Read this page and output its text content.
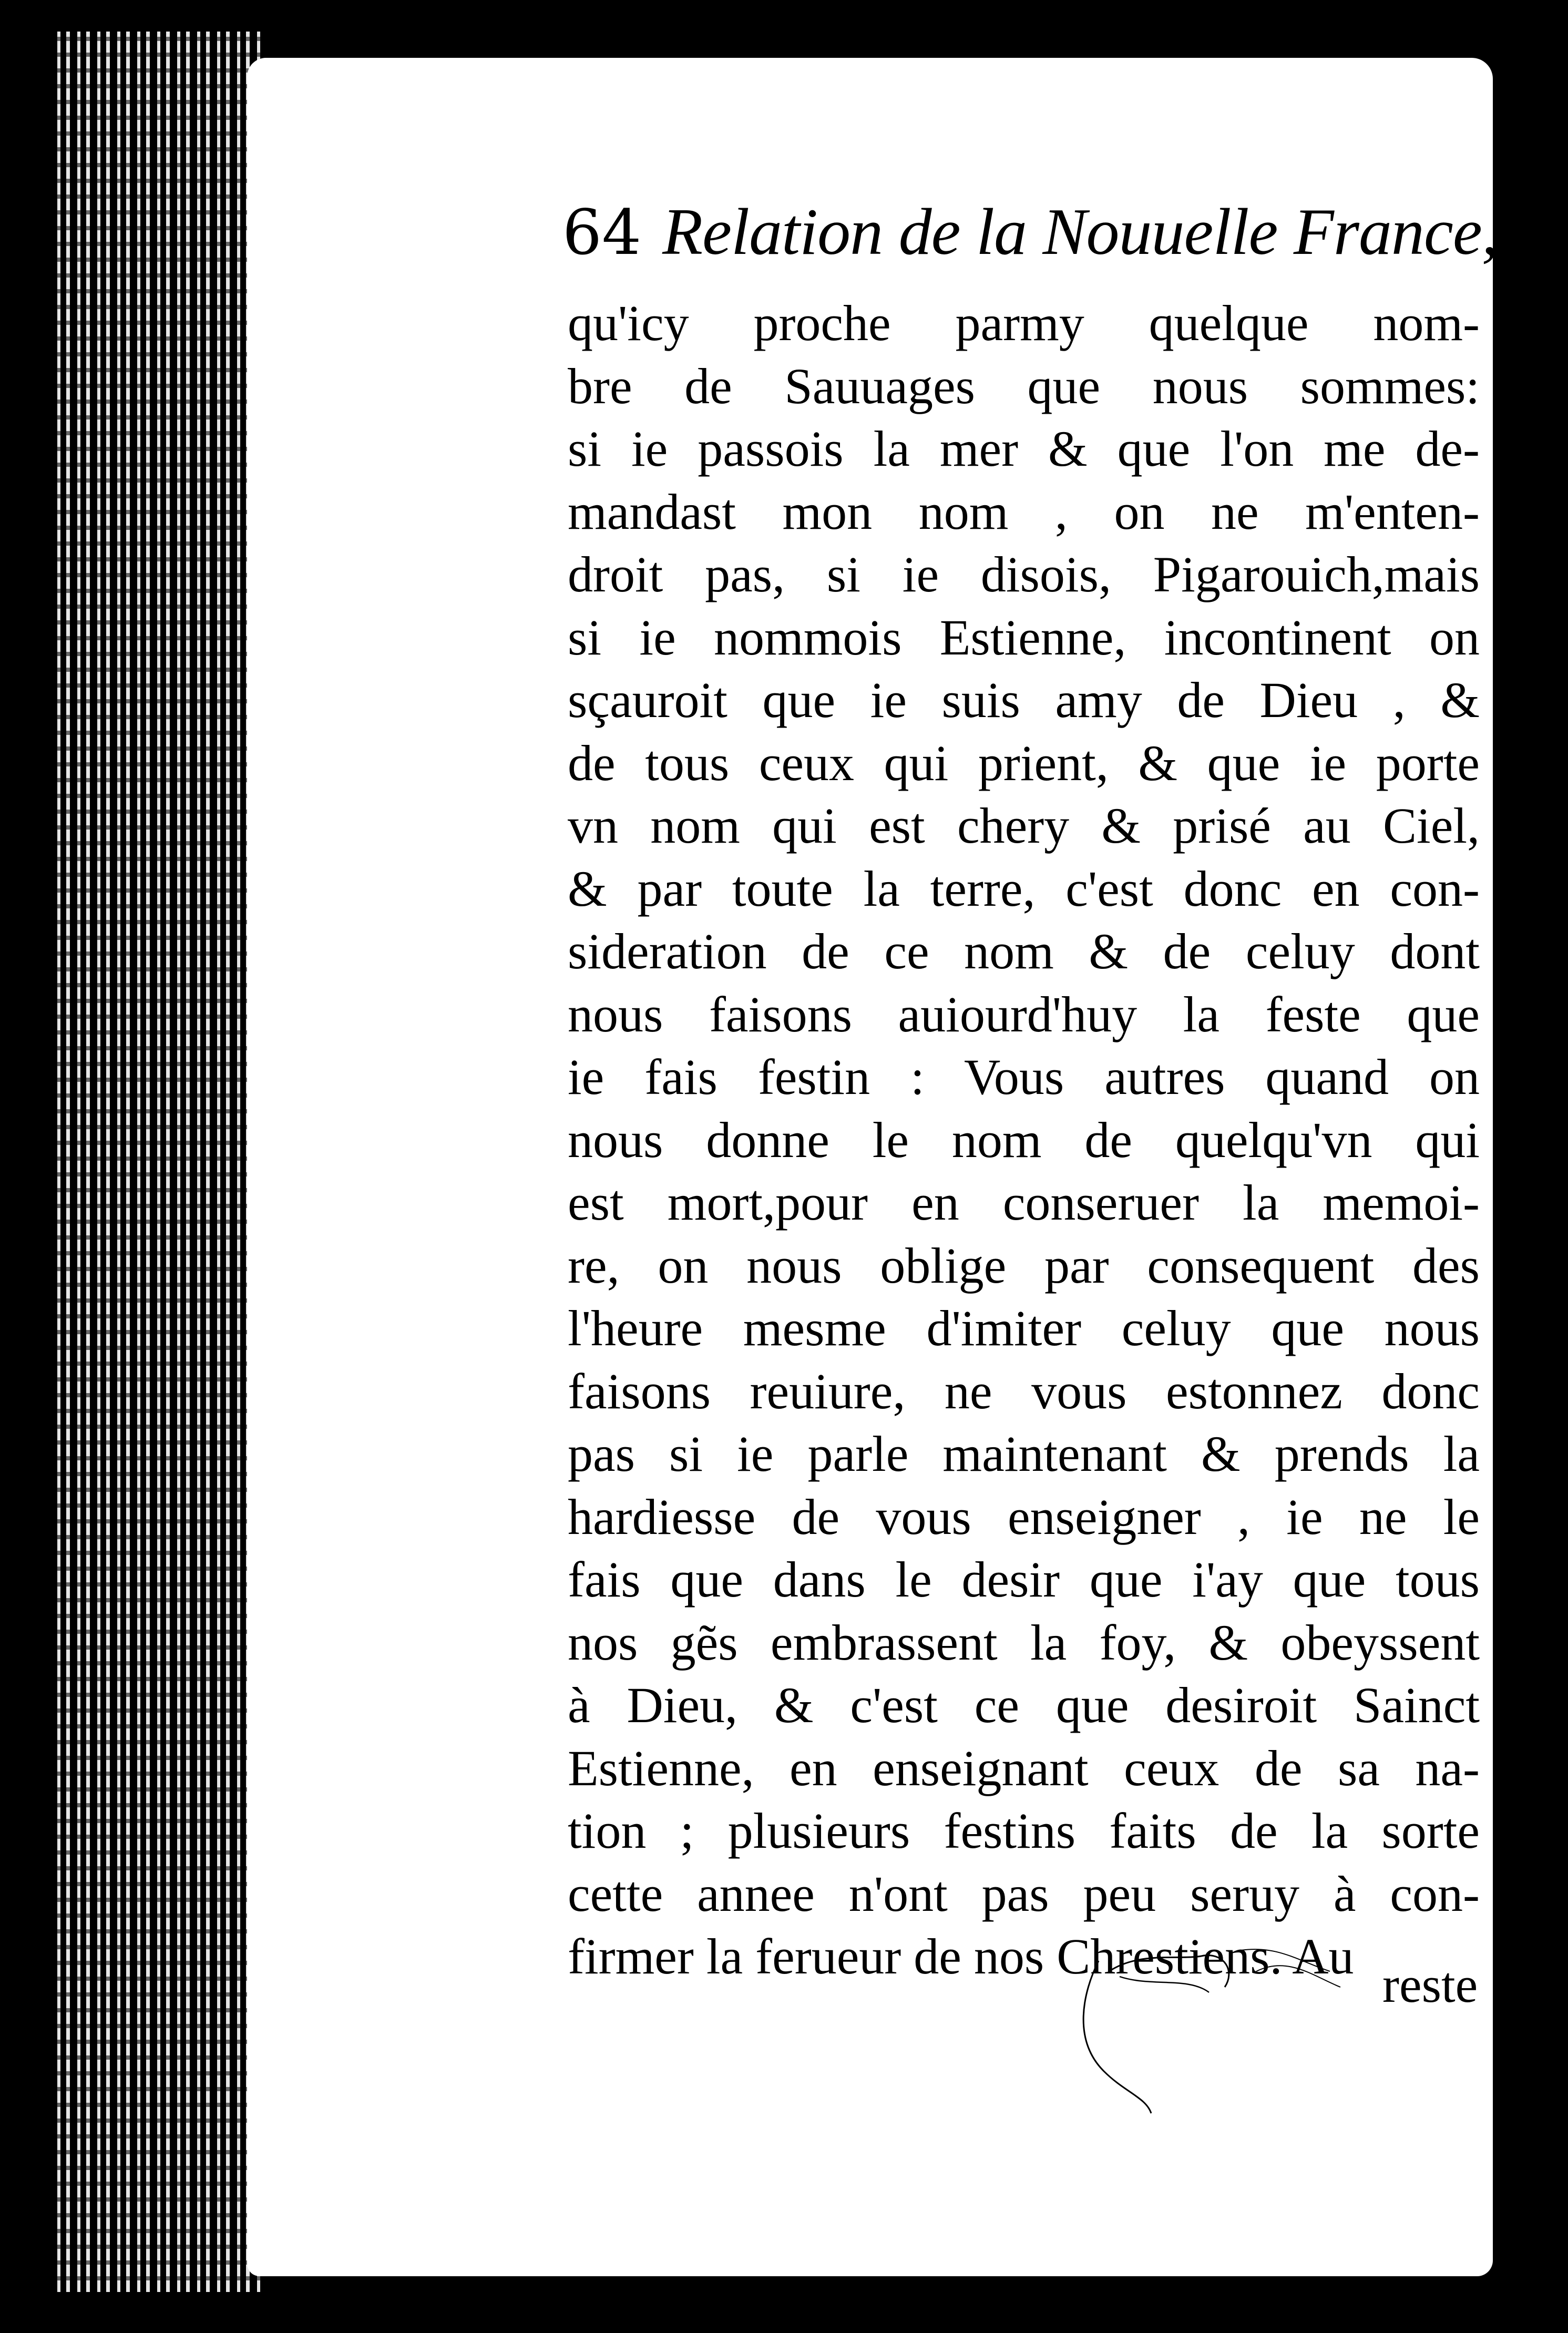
64 Relation de la Nouuelle France,
qu'icy proche parmy quelque nom-
bre de Sauuages que nous sommes:
si ie passois la mer & que l'on me de-
mandast mon nom , on ne m'enten-
droit pas, si ie disois, Pigarouich,mais
si ie nommois Estienne, incontinent on
sçauroit que ie suis amy de Dieu , &
de tous ceux qui prient, & que ie porte
vn nom qui est chery & prisé au Ciel,
& par toute la terre, c'est donc en con-
sideration de ce nom & de celuy dont
nous faisons auiourd'huy la feste que
ie fais festin : Vous autres quand on
nous donne le nom de quelqu'vn qui
est mort,pour en conseruer la memoi-
re, on nous oblige par consequent des
l'heure mesme d'imiter celuy que nous
faisons reuiure, ne vous estonnez donc
pas si ie parle maintenant & prends la
hardiesse de vous enseigner , ie ne le
fais que dans le desir que i'ay que tous
nos gẽs embrassent la foy, & obeyssent
à Dieu, & c'est ce que desiroit Sainct
Estienne, en enseignant ceux de sa na-
tion ; plusieurs festins faits de la sorte
cette annee n'ont pas peu seruy à con-
firmer la ferueur de nos Chrestiens. Au
reste
